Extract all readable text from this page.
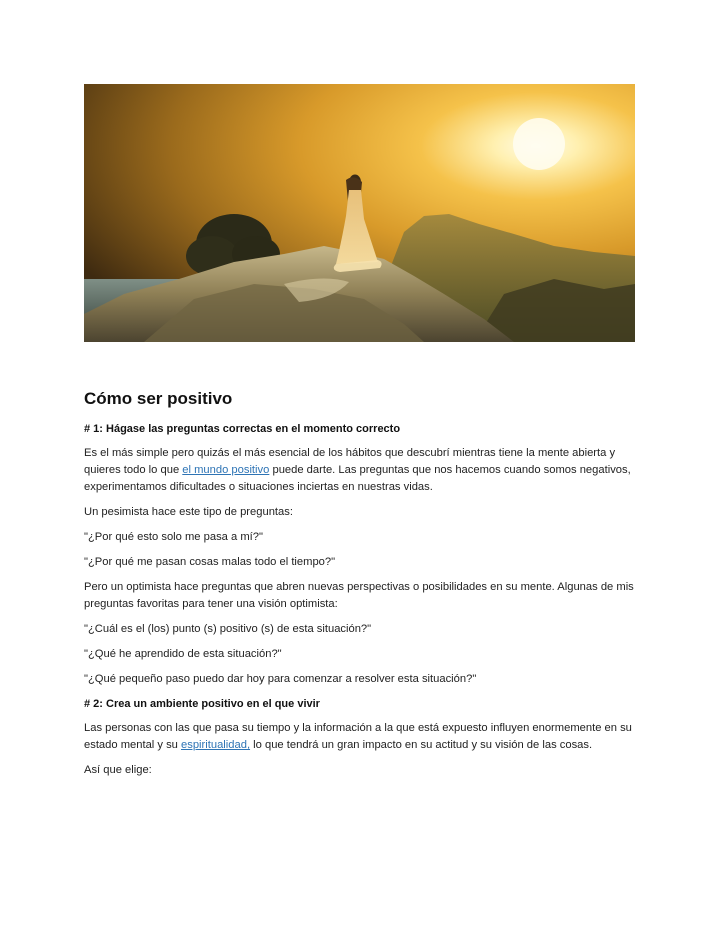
Cómo ser positivo
# 1: Hágase las preguntas correctas en el momento correcto

Es el más simple pero quizás el más esencial de los hábitos que descubrí mientras tiene la mente abierta y quieres todo lo que el mundo positivo puede darte. Las preguntas que nos hacemos cuando somos negativos, experimentamos dificultades o situaciones inciertas en nuestras vidas.

Un pesimista hace este tipo de preguntas:

"¿Por qué esto solo me pasa a mí?"

"¿Por qué me pasan cosas malas todo el tiempo?"

Pero un optimista hace preguntas que abren nuevas perspectivas o posibilidades en su mente. Algunas de mis preguntas favoritas para tener una visión optimista:

"¿Cuál es el (los) punto (s) positivo (s) de esta situación?"

"¿Qué he aprendido de esta situación?"

"¿Qué pequeño paso puedo dar hoy para comenzar a resolver esta situación?"

# 2: Crea un ambiente positivo en el que vivir

Las personas con las que pasa su tiempo y la información a la que está expuesto influyen enormemente en su estado mental y su espiritualidad, lo que tendrá un gran impacto en su actitud y su visión de las cosas.

Así que elige:
